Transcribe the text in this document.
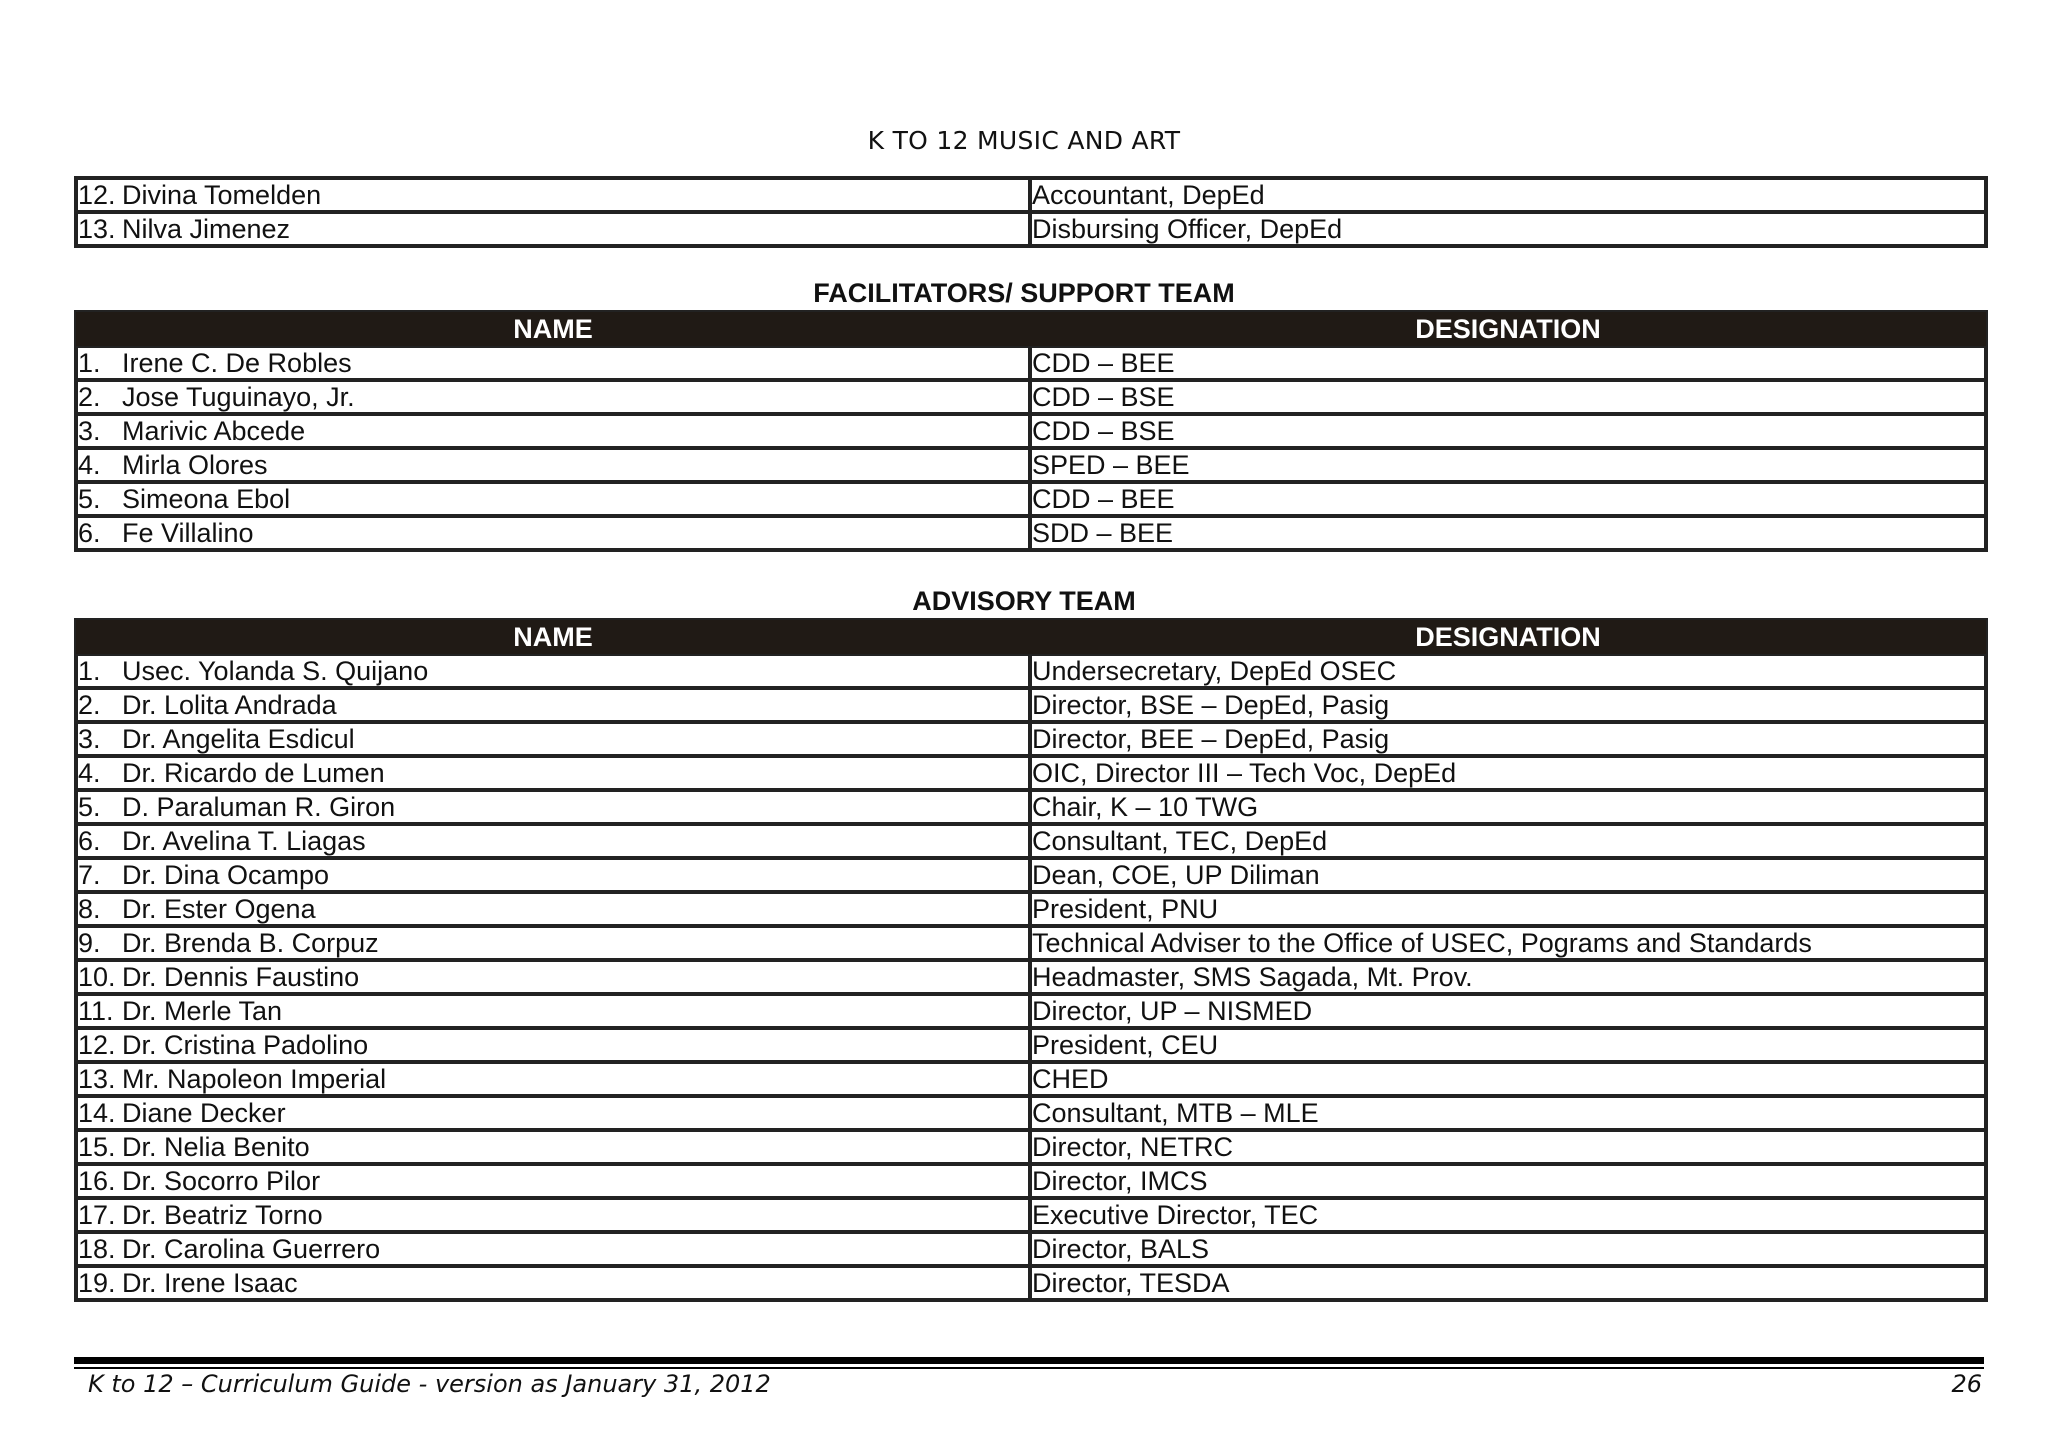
K TO 12 MUSIC AND ART
12. Divina Tomelden	Accountant, DepEd
13. Nilva Jimenez	Disbursing Officer, DepEd
FACILITATORS/ SUPPORT TEAM
NAME	DESIGNATION
1. Irene C. De Robles	CDD – BEE
2. Jose Tuguinayo, Jr.	CDD – BSE
3. Marivic Abcede	CDD – BSE
4. Mirla Olores	SPED – BEE
5. Simeona Ebol	CDD – BEE
6. Fe Villalino	SDD – BEE
ADVISORY TEAM
NAME	DESIGNATION
1. Usec. Yolanda S. Quijano	Undersecretary, DepEd OSEC
2. Dr. Lolita Andrada	Director, BSE – DepEd, Pasig
3. Dr. Angelita Esdicul	Director, BEE – DepEd, Pasig
4. Dr. Ricardo de Lumen	OIC, Director III – Tech Voc, DepEd
5. D. Paraluman R. Giron	Chair, K – 10 TWG
6. Dr. Avelina T. Liagas	Consultant, TEC, DepEd
7. Dr. Dina Ocampo	Dean, COE, UP Diliman
8. Dr. Ester Ogena	President, PNU
9. Dr. Brenda B. Corpuz	Technical Adviser to the Office of USEC, Pograms and Standards
10. Dr. Dennis Faustino	Headmaster, SMS Sagada, Mt. Prov.
11. Dr. Merle Tan	Director, UP – NISMED
12. Dr. Cristina Padolino	President, CEU
13. Mr. Napoleon Imperial	CHED
14. Diane Decker	Consultant, MTB – MLE
15. Dr. Nelia Benito	Director, NETRC
16. Dr. Socorro Pilor	Director, IMCS
17. Dr. Beatriz Torno	Executive Director, TEC
18. Dr. Carolina Guerrero	Director, BALS
19. Dr. Irene Isaac	Director, TESDA
K to 12 – Curriculum Guide - version as January 31, 2012	26
